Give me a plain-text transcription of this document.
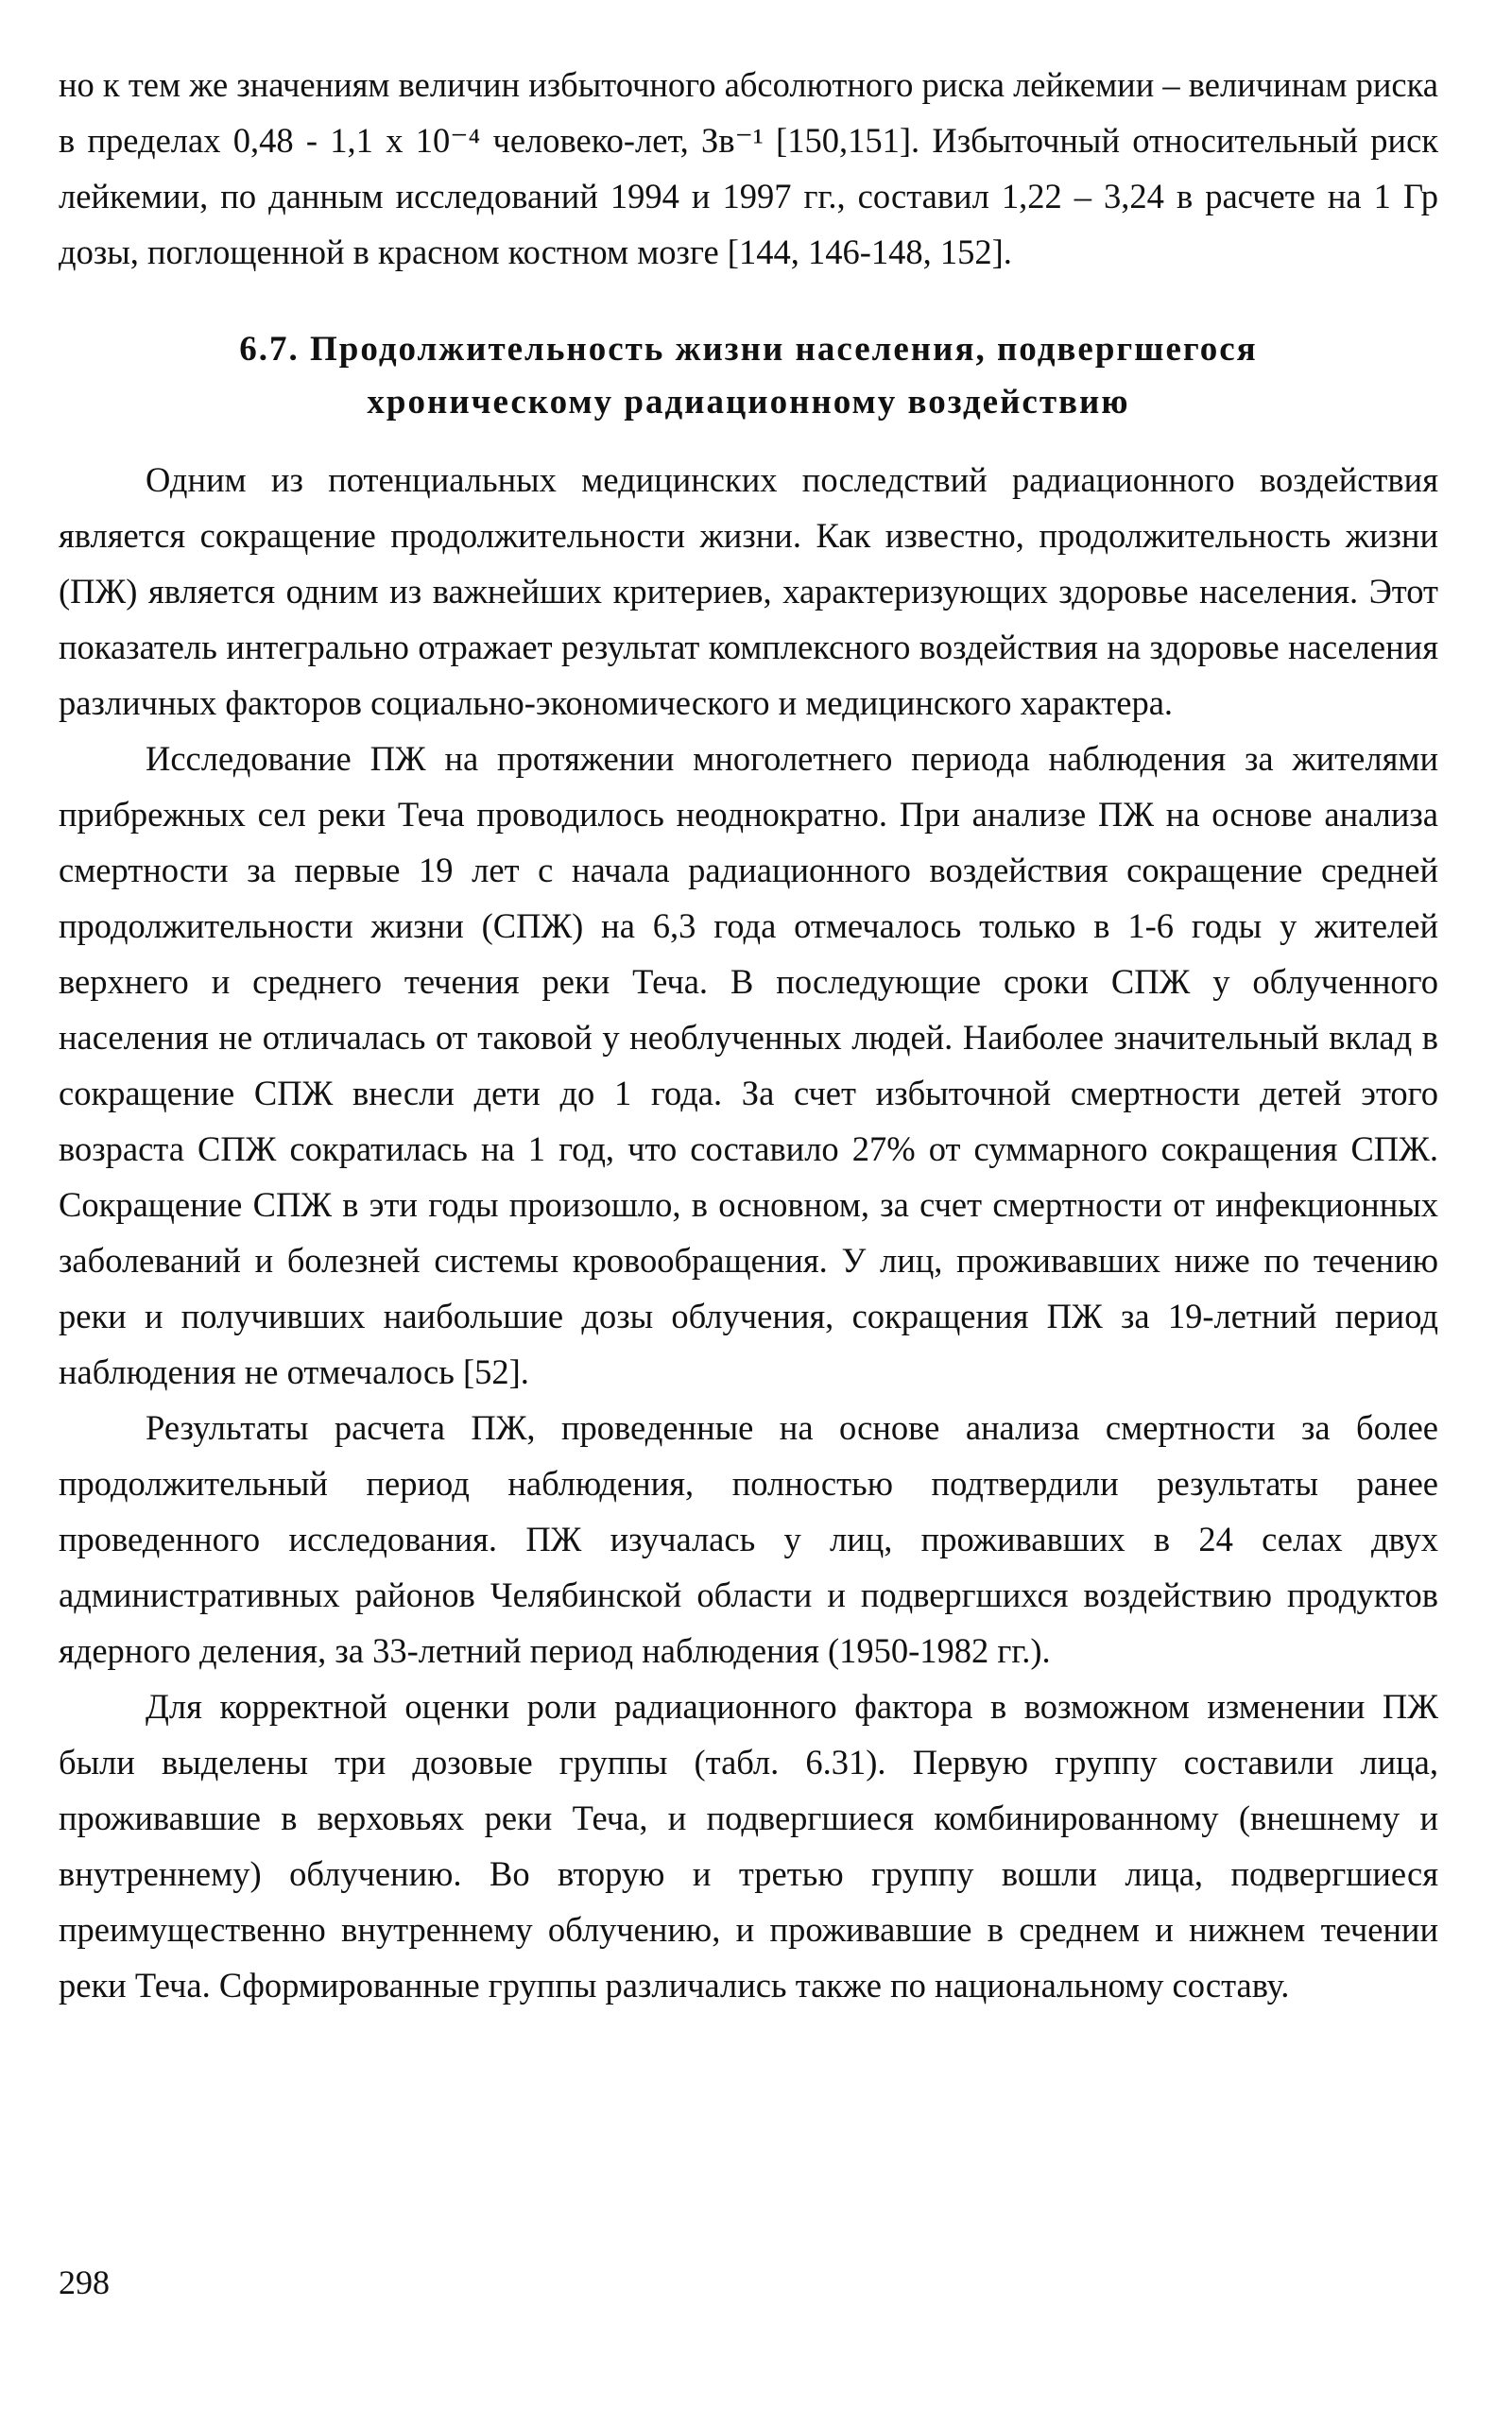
но к тем же значениям величин избыточного абсолютного риска лейкемии – величинам риска в пределах 0,48 - 1,1 х 10⁻⁴ человеко-лет, Зв⁻¹ [150,151]. Избыточный относительный риск лейкемии, по данным исследований 1994 и 1997 гг., составил 1,22 – 3,24 в расчете на 1 Гр дозы, поглощенной в красном костном мозге [144, 146-148, 152].

6.7. Продолжительность жизни населения, подвергшегося
хроническому радиационному воздействию

Одним из потенциальных медицинских последствий радиационного воздействия является сокращение продолжительности жизни. Как известно, продолжительность жизни (ПЖ) является одним из важнейших критериев, характеризующих здоровье населения. Этот показатель интегрально отражает результат комплексного воздействия на здоровье населения различных факторов социально-экономического и медицинского характера.

Исследование ПЖ на протяжении многолетнего периода наблюдения за жителями прибрежных сел реки Теча проводилось неоднократно. При анализе ПЖ на основе анализа смертности за первые 19 лет с начала радиационного воздействия сокращение средней продолжительности жизни (СПЖ) на 6,3 года отмечалось только в 1-6 годы у жителей верхнего и среднего течения реки Теча. В последующие сроки СПЖ у облученного населения не отличалась от таковой у необлученных людей. Наиболее значительный вклад в сокращение СПЖ внесли дети до 1 года. За счет избыточной смертности детей этого возраста СПЖ сократилась на 1 год, что составило 27% от суммарного сокращения СПЖ. Сокращение СПЖ в эти годы произошло, в основном, за счет смертности от инфекционных заболеваний и болезней системы кровообращения. У лиц, проживавших ниже по течению реки и получивших наибольшие дозы облучения, сокращения ПЖ за 19-летний период наблюдения не отмечалось [52].

Результаты расчета ПЖ, проведенные на основе анализа смертности за более продолжительный период наблюдения, полностью подтвердили результаты ранее проведенного исследования. ПЖ изучалась у лиц, проживавших в 24 селах двух административных районов Челябинской области и подвергшихся воздействию продуктов ядерного деления, за 33-летний период наблюдения (1950-1982 гг.).

Для корректной оценки роли радиационного фактора в возможном изменении ПЖ были выделены три дозовые группы (табл. 6.31). Первую группу составили лица, проживавшие в верховьях реки Теча, и подвергшиеся комбинированному (внешнему и внутреннему) облучению. Во вторую и третью группу вошли лица, подвергшиеся преимущественно внутреннему облучению, и проживавшие в среднем и нижнем течении реки Теча. Сформированные группы различались также по национальному составу.

298
